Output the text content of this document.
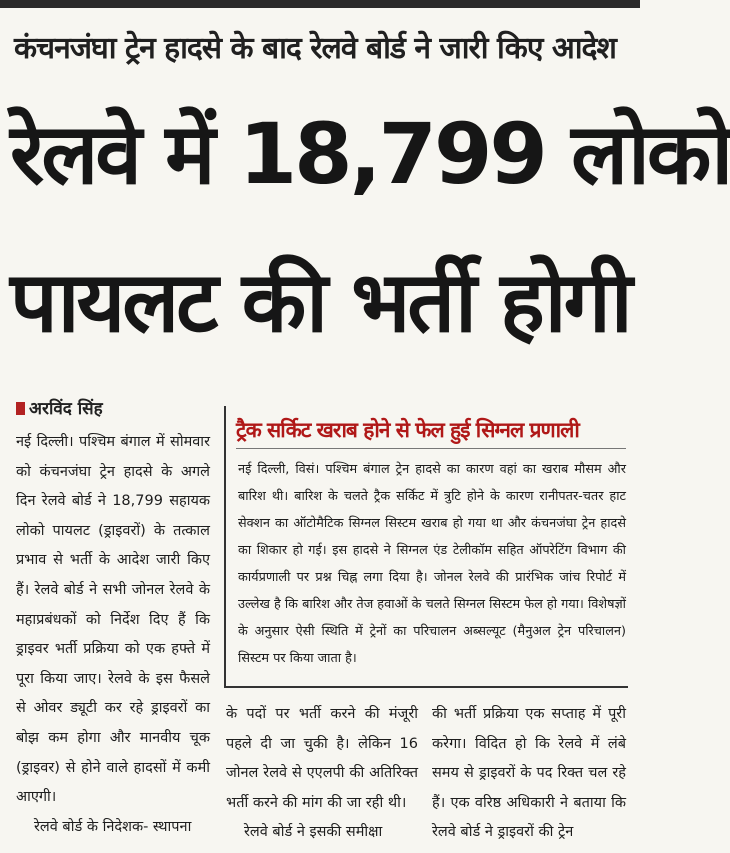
कंचनजंघा ट्रेन हादसे के बाद रेलवे बोर्ड ने जारी किए आदेश
रेलवे में 18,799 लोको
पायलट की भर्ती होगी
अरविंद सिंह

नई दिल्ली। पश्चिम बंगाल में सोमवार को कंचनजंघा ट्रेन हादसे के अगले दिन रेलवे बोर्ड ने 18,799 सहायक लोको पायलट (ड्राइवरों) के तत्काल प्रभाव से भर्ती के आदेश जारी किए हैं। रेलवे बोर्ड ने सभी जोनल रेलवे के महाप्रबंधकों को निर्देश दिए हैं कि ड्राइवर भर्ती प्रक्रिया को एक हफ्ते में पूरा किया जाए। रेलवे के इस फैसले से ओवर ड्यूटी कर रहे ड्राइवरों का बोझ कम होगा और मानवीय चूक (ड्राइवर) से होने वाले हादसों में कमी आएगी।

रेलवे बोर्ड के निदेशक- स्थापना

ट्रैक सर्किट खराब होने से फेल हुई सिग्नल प्रणाली
नई दिल्ली, विसं। पश्चिम बंगाल ट्रेन हादसे का कारण वहां का खराब मौसम और बारिश थी। बारिश के चलते ट्रैक सर्किट में त्रुटि होने के कारण रानीपतर-चतर हाट सेक्शन का ऑटोमैटिक सिग्नल सिस्टम खराब हो गया था और कंचनजंघा ट्रेन हादसे का शिकार हो गई। इस हादसे ने सिग्नल एंड टेलीकॉम सहित ऑपरेटिंग विभाग की कार्यप्रणाली पर प्रश्न चिह्न लगा दिया है। जोनल रेलवे की प्रारंभिक जांच रिपोर्ट में उल्लेख है कि बारिश और तेज हवाओं के चलते सिग्नल सिस्टम फेल हो गया। विशेषज्ञों के अनुसार ऐसी स्थिति में ट्रेनों का परिचालन अब्सल्यूट (मैनुअल ट्रेन परिचालन) सिस्टम पर किया जाता है।

के पदों पर भर्ती करने की मंजूरी पहले दी जा चुकी है। लेकिन 16 जोनल रेलवे से एएलपी की अतिरिक्त भर्ती करने की मांग की जा रही थी।

रेलवे बोर्ड ने इसकी समीक्षा

की भर्ती प्रक्रिया एक सप्ताह में पूरी करेगा। विदित हो कि रेलवे में लंबे समय से ड्राइवरों के पद रिक्त चल रहे हैं। एक वरिष्ठ अधिकारी ने बताया कि रेलवे बोर्ड ने ड्राइवरों की ट्रेन
